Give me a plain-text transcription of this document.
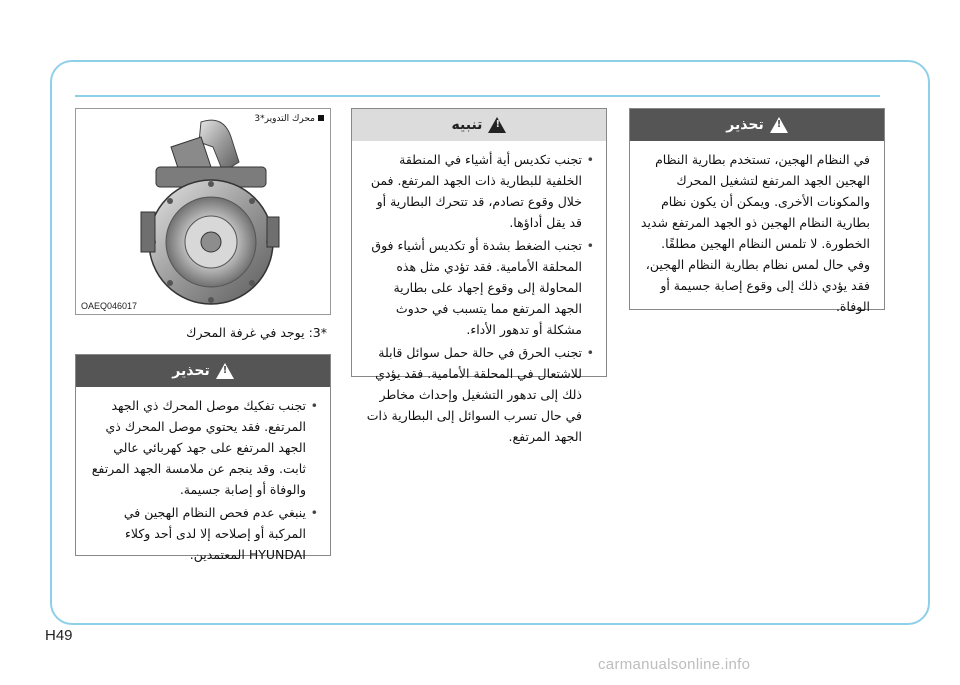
محرك التدوير*3
OAEQ046017
*3: يوجد في غرفة المحرك
!
تحذير
• تجنب تفكيك موصل المحرك ذي الجهد المرتفع. فقد يحتوي موصل المحرك ذي الجهد المرتفع على جهد كهربائي عالي ثابت. وقد ينجم عن ملامسة الجهد المرتفع والوفاة أو إصابة جسيمة.
• ينبغي عدم فحص النظام الهجين في المركبة أو إصلاحه إلا لدى أحد وكلاء HYUNDAI المعتمدين.
!
تنبيه
• تجنب تكديس أية أشياء في المنطقة الخلفية للبطارية ذات الجهد المرتفع. فمن خلال وقوع تصادم، قد تتحرك البطارية أو قد يقل أداؤها.
• تجنب الضغط بشدة أو تكديس أشياء فوق المحلقة الأمامية. فقد تؤدي مثل هذه المحاولة إلى وقوع إجهاد على بطارية الجهد المرتفع مما يتسبب في حدوث مشكلة أو تدهور الأداء.
• تجنب الحرق في حالة حمل سوائل قابلة للاشتعال في المحلقة الأمامية. فقد يؤدي ذلك إلى تدهور التشغيل وإحداث مخاطر في حال تسرب السوائل إلى البطارية ذات الجهد المرتفع.
!
تحذير

في النظام الهجين، تستخدم بطارية النظام الهجين الجهد المرتفع لتشغيل المحرك والمكونات الأخرى. ويمكن أن يكون نظام بطارية النظام الهجين ذو الجهد المرتفع شديد الخطورة. لا تلمس النظام الهجين مطلقًا. وفي حال لمس نظام بطارية النظام الهجين، فقد يؤدي ذلك إلى وقوع إصابة جسيمة أو الوفاة.

H49
carmanualsonline.info
